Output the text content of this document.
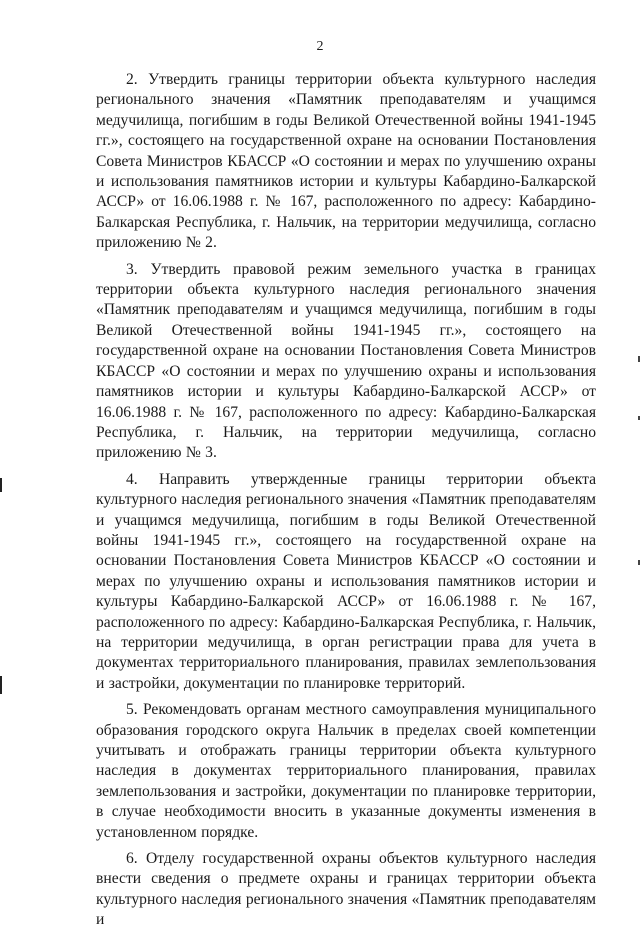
2

2. Утвердить границы территории объекта культурного наследия регионального значения «Памятник преподавателям и учащимся медучилища, погибшим в годы Великой Отечественной войны 1941-1945 гг.», состоящего на государственной охране на основании Постановления Совета Министров КБАССР «О состоянии и мерах по улучшению охраны и использования памятников истории и культуры Кабардино-Балкарской АССР» от 16.06.1988 г. № 167, расположенного по адресу: Кабардино-Балкарская Республика, г. Нальчик, на территории медучилища, согласно приложению № 2.

3. Утвердить правовой режим земельного участка в границах территории объекта культурного наследия регионального значения «Памятник преподавателям и учащимся медучилища, погибшим в годы Великой Отечественной войны 1941-1945 гг.», состоящего на государственной охране на основании Постановления Совета Министров КБАССР «О состоянии и мерах по улучшению охраны и использования памятников истории и культуры Кабардино-Балкарской АССР» от 16.06.1988 г. № 167, расположенного по адресу: Кабардино-Балкарская Республика, г. Нальчик, на территории медучилища, согласно приложению № 3.

4. Направить утвержденные границы территории объекта культурного наследия регионального значения «Памятник преподавателям и учащимся медучилища, погибшим в годы Великой Отечественной войны 1941-1945 гг.», состоящего на государственной охране на основании Постановления Совета Министров КБАССР «О состоянии и мерах по улучшению охраны и использования памятников истории и культуры Кабардино-Балкарской АССР» от 16.06.1988 г. № 167, расположенного по адресу: Кабардино-Балкарская Республика, г. Нальчик, на территории медучилища, в орган регистрации права для учета в документах территориального планирования, правилах землепользования и застройки, документации по планировке территорий.

5. Рекомендовать органам местного самоуправления муниципального образования городского округа Нальчик в пределах своей компетенции учитывать и отображать границы территории объекта культурного наследия в документах территориального планирования, правилах землепользования и застройки, документации по планировке территории, в случае необходимости вносить в указанные документы изменения в установленном порядке.

6. Отделу государственной охраны объектов культурного наследия внести сведения о предмете охраны и границах территории объекта культурного наследия регионального значения «Памятник преподавателям и
